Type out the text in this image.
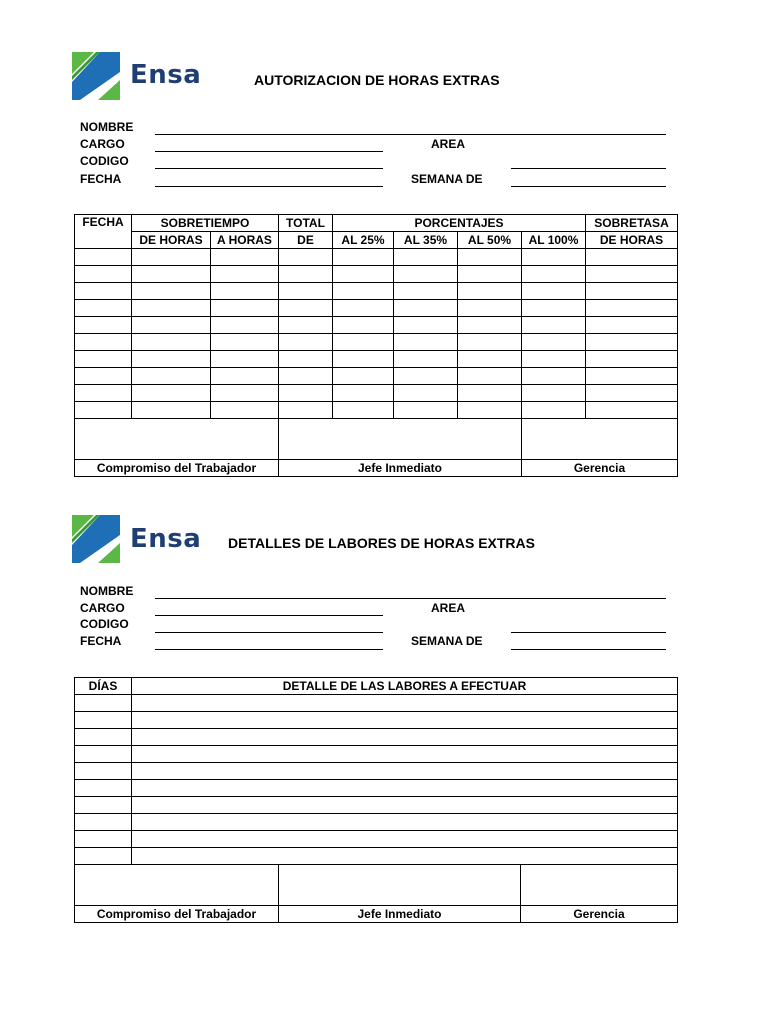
Ensa	AUTORIZACION DE HORAS EXTRAS
NOMBRE
CARGO
CODIGO
FECHA
AREA
SEMANA DE
FECHA	SOBRETIEMPO		TOTAL	PORCENTAJES				SOBRETASA
	DE HORAS	A HORAS	DE	AL 25%	AL 35%	AL 50%	AL 100%	DE HORAS

Compromiso del Trabajador			Jefe Inmediato				Gerencia	
Ensa DETALLES DE LABORES DE HORAS EXTRAS
NOMBRE
CARGO
CODIGO
FECHA
AREA
SEMANA DE
DÍAS	DETALLE DE LAS LABORES A EFECTUAR		

Compromiso del Trabajador		Jefe Inmediato	Gerencia
